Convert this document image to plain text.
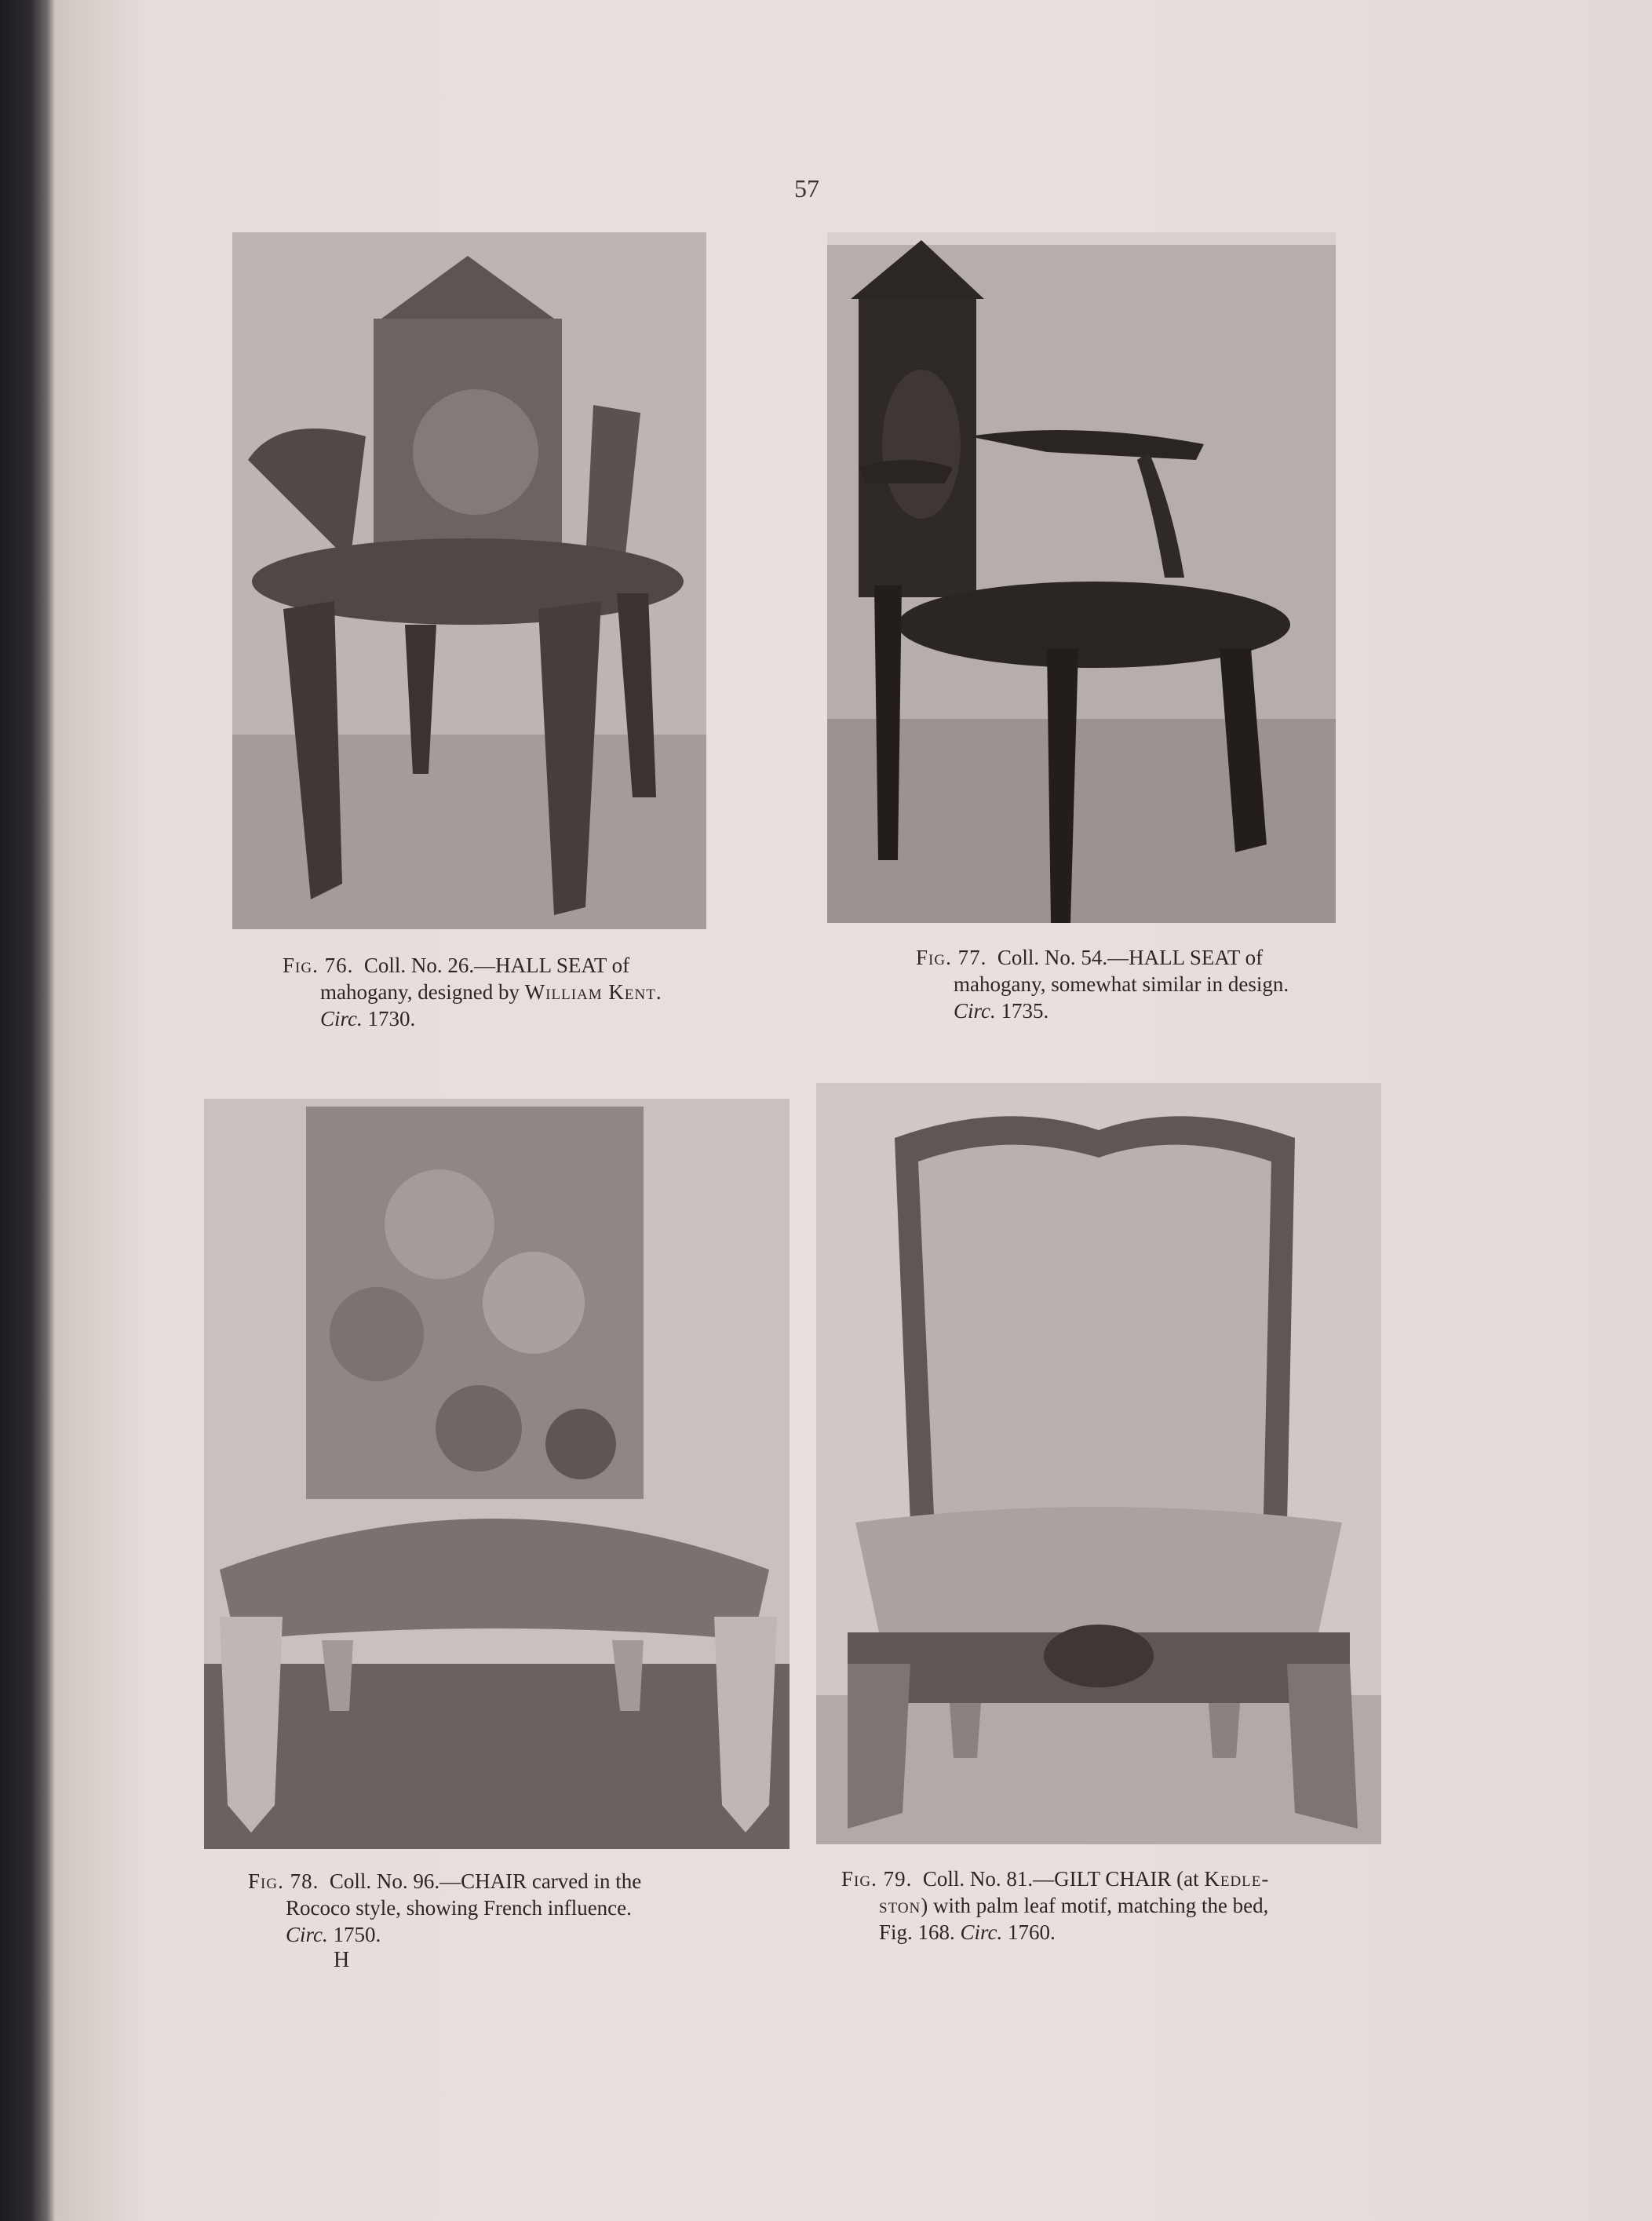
57
Fig. 76. Coll. No. 26.—HALL SEAT of
mahogany, designed by William Kent.
Circ. 1730.
Fig. 77. Coll. No. 54.—HALL SEAT of
mahogany, somewhat similar in design.
Circ. 1735.
Fig. 78. Coll. No. 96.—CHAIR carved in the
Rococo style, showing French influence.
Circ. 1750.
H
Fig. 79. Coll. No. 81.—GILT CHAIR (at Kedle-
ston) with palm leaf motif, matching the bed,
Fig. 168. Circ. 1760.
